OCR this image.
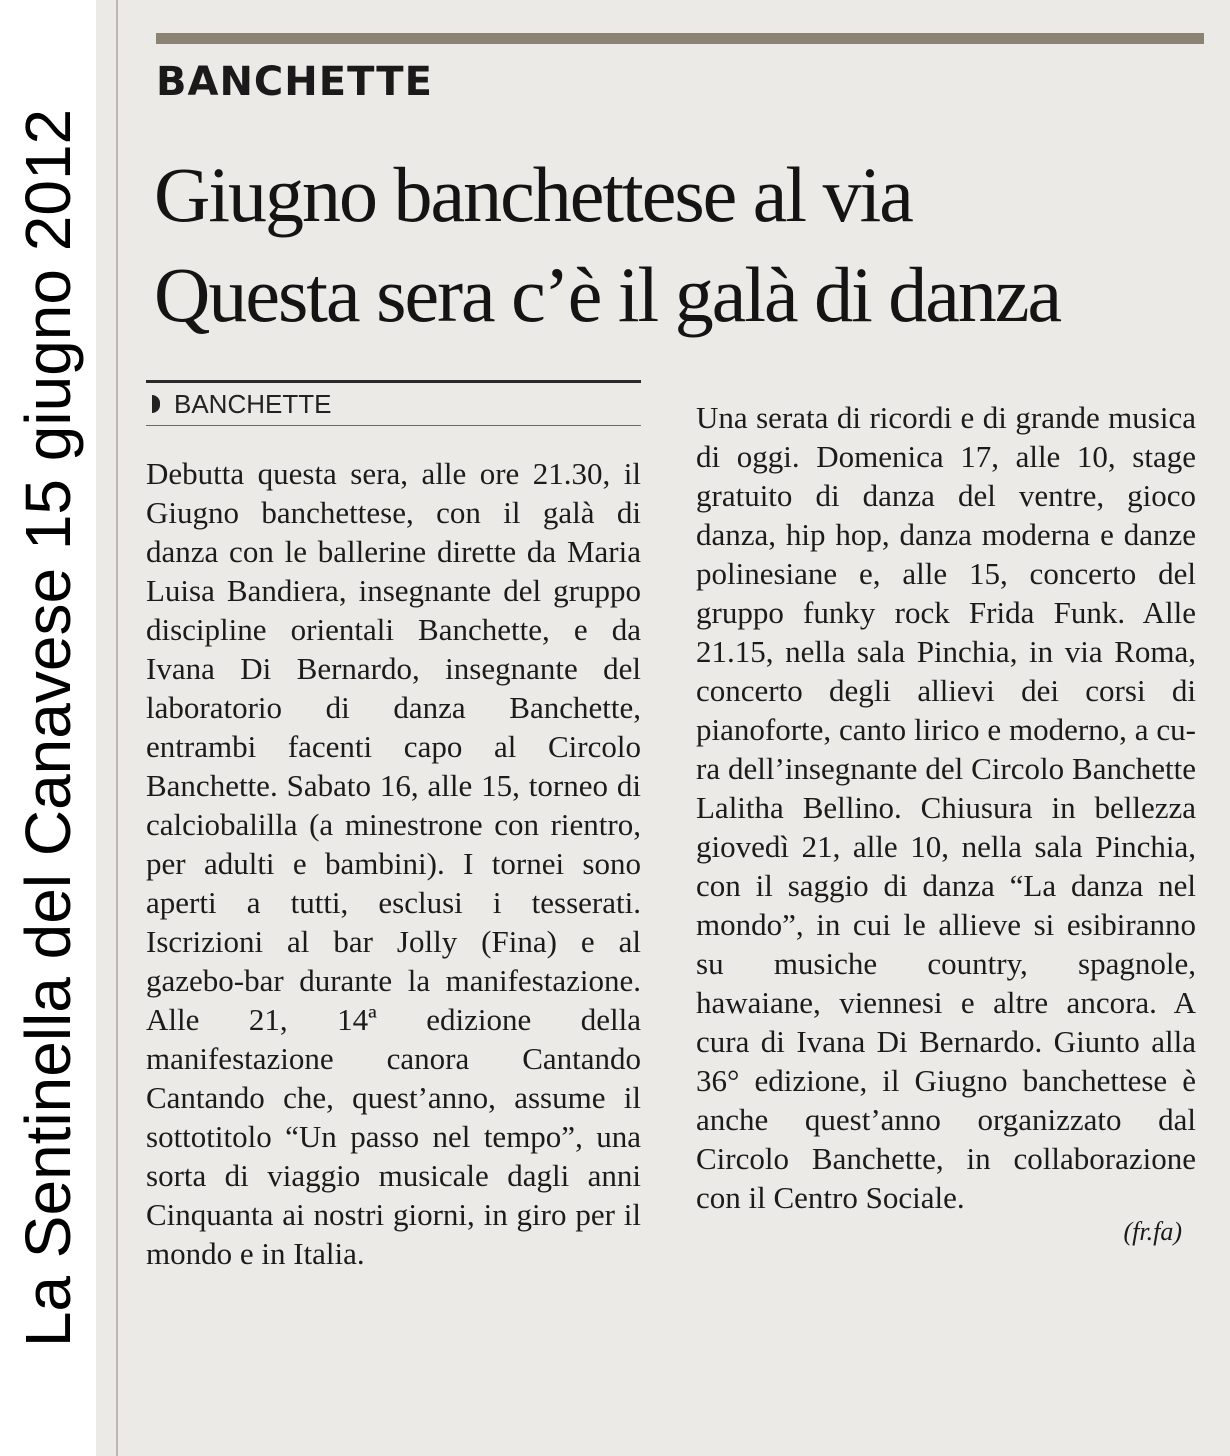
La Sentinella del Canavese 15 giugno 2012
BANCHETTE
Giugno banchettese al via
Questa sera c’è il galà di danza
BANCHETTE
Debutta questa sera, alle ore 21.30, il Giugno banchettese, con il galà di danza con le ballerine dirette da Maria Luisa Bandiera, insegnante del gruppo discipline orientali Banchette, e da Ivana Di Bernardo, insegnante del laboratorio di danza Banchette, entrambi facenti capo al Circolo Banchette. Sabato 16, alle 15, torneo di calciobalilla (a minestrone con rientro, per adulti e bambini). I tornei sono aperti a tutti, esclusi i tesserati. Iscrizioni al bar Jolly (Fina) e al gazebo-bar durante la manifestazione. Alle 21, 14ª edizione della manifestazione canora Cantando Cantando che, quest’anno, assume il sottotitolo “Un passo nel tempo”, una sorta di viaggio musicale dagli anni Cinquanta ai nostri giorni, in giro per il mondo e in Italia.
Una serata di ricordi e di grande musica di oggi. Domenica 17, alle 10, stage gratuito di danza del ventre, gioco danza, hip hop, danza moderna e danze polinesiane e, alle 15, concerto del gruppo funky rock Frida Funk. Alle 21.15, nella sala Pinchia, in via Roma, concerto degli allievi dei corsi di pianoforte, canto lirico e moderno, a cura dell’insegnante del Circolo Banchette Lalitha Bellino. Chiusura in bellezza giovedì 21, alle 10, nella sala Pinchia, con il saggio di danza “La danza nel mondo”, in cui le allieve si esibiranno su musiche country, spagnole, hawaiane, viennesi e altre ancora. A cura di Ivana Di Bernardo. Giunto alla 36° edizione, il Giugno banchettese è anche quest’anno organizzato dal Circolo Banchette, in collaborazione con il Centro Sociale.
(fr.fa)
